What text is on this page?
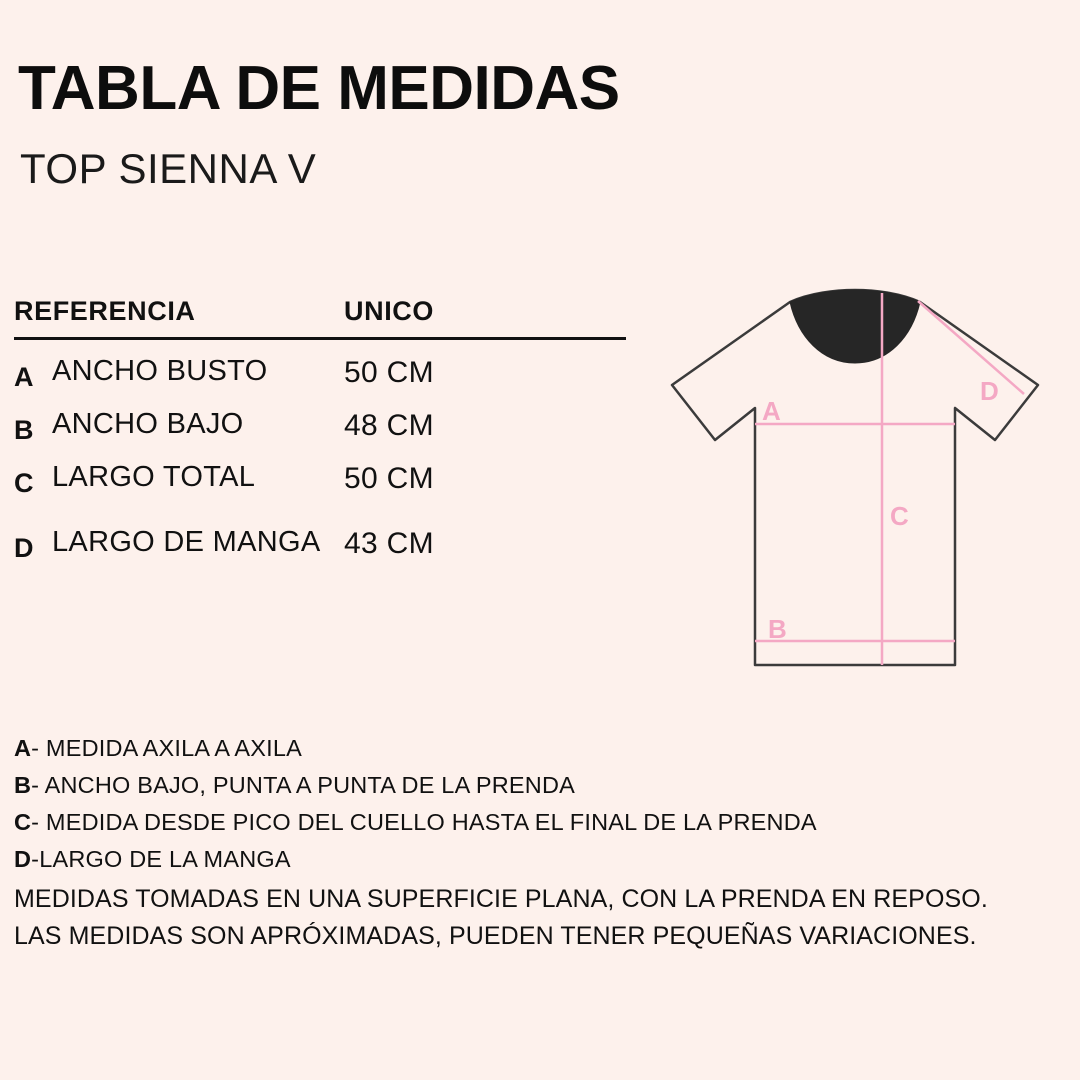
TABLA DE MEDIDAS
TOP SIENNA V
REFERENCIA	UNICO
A ANCHO BUSTO	50 CM
B ANCHO BAJO	48 CM
C LARGO TOTAL	50 CM
D LARGO DE MANGA 43 CM

A- MEDIDA AXILA A AXILA

B- ANCHO BAJO, PUNTA A PUNTA DE LA PRENDA

C- MEDIDA DESDE PICO DEL CUELLO HASTA EL FINAL DE LA PRENDA

D-LARGO DE LA MANGA

MEDIDAS TOMADAS EN UNA SUPERFICIE PLANA, CON LA PRENDA EN REPOSO.

LAS MEDIDAS SON APRÓXIMADAS, PUEDEN TENER PEQUEÑAS VARIACIONES.

A
B
C
D
